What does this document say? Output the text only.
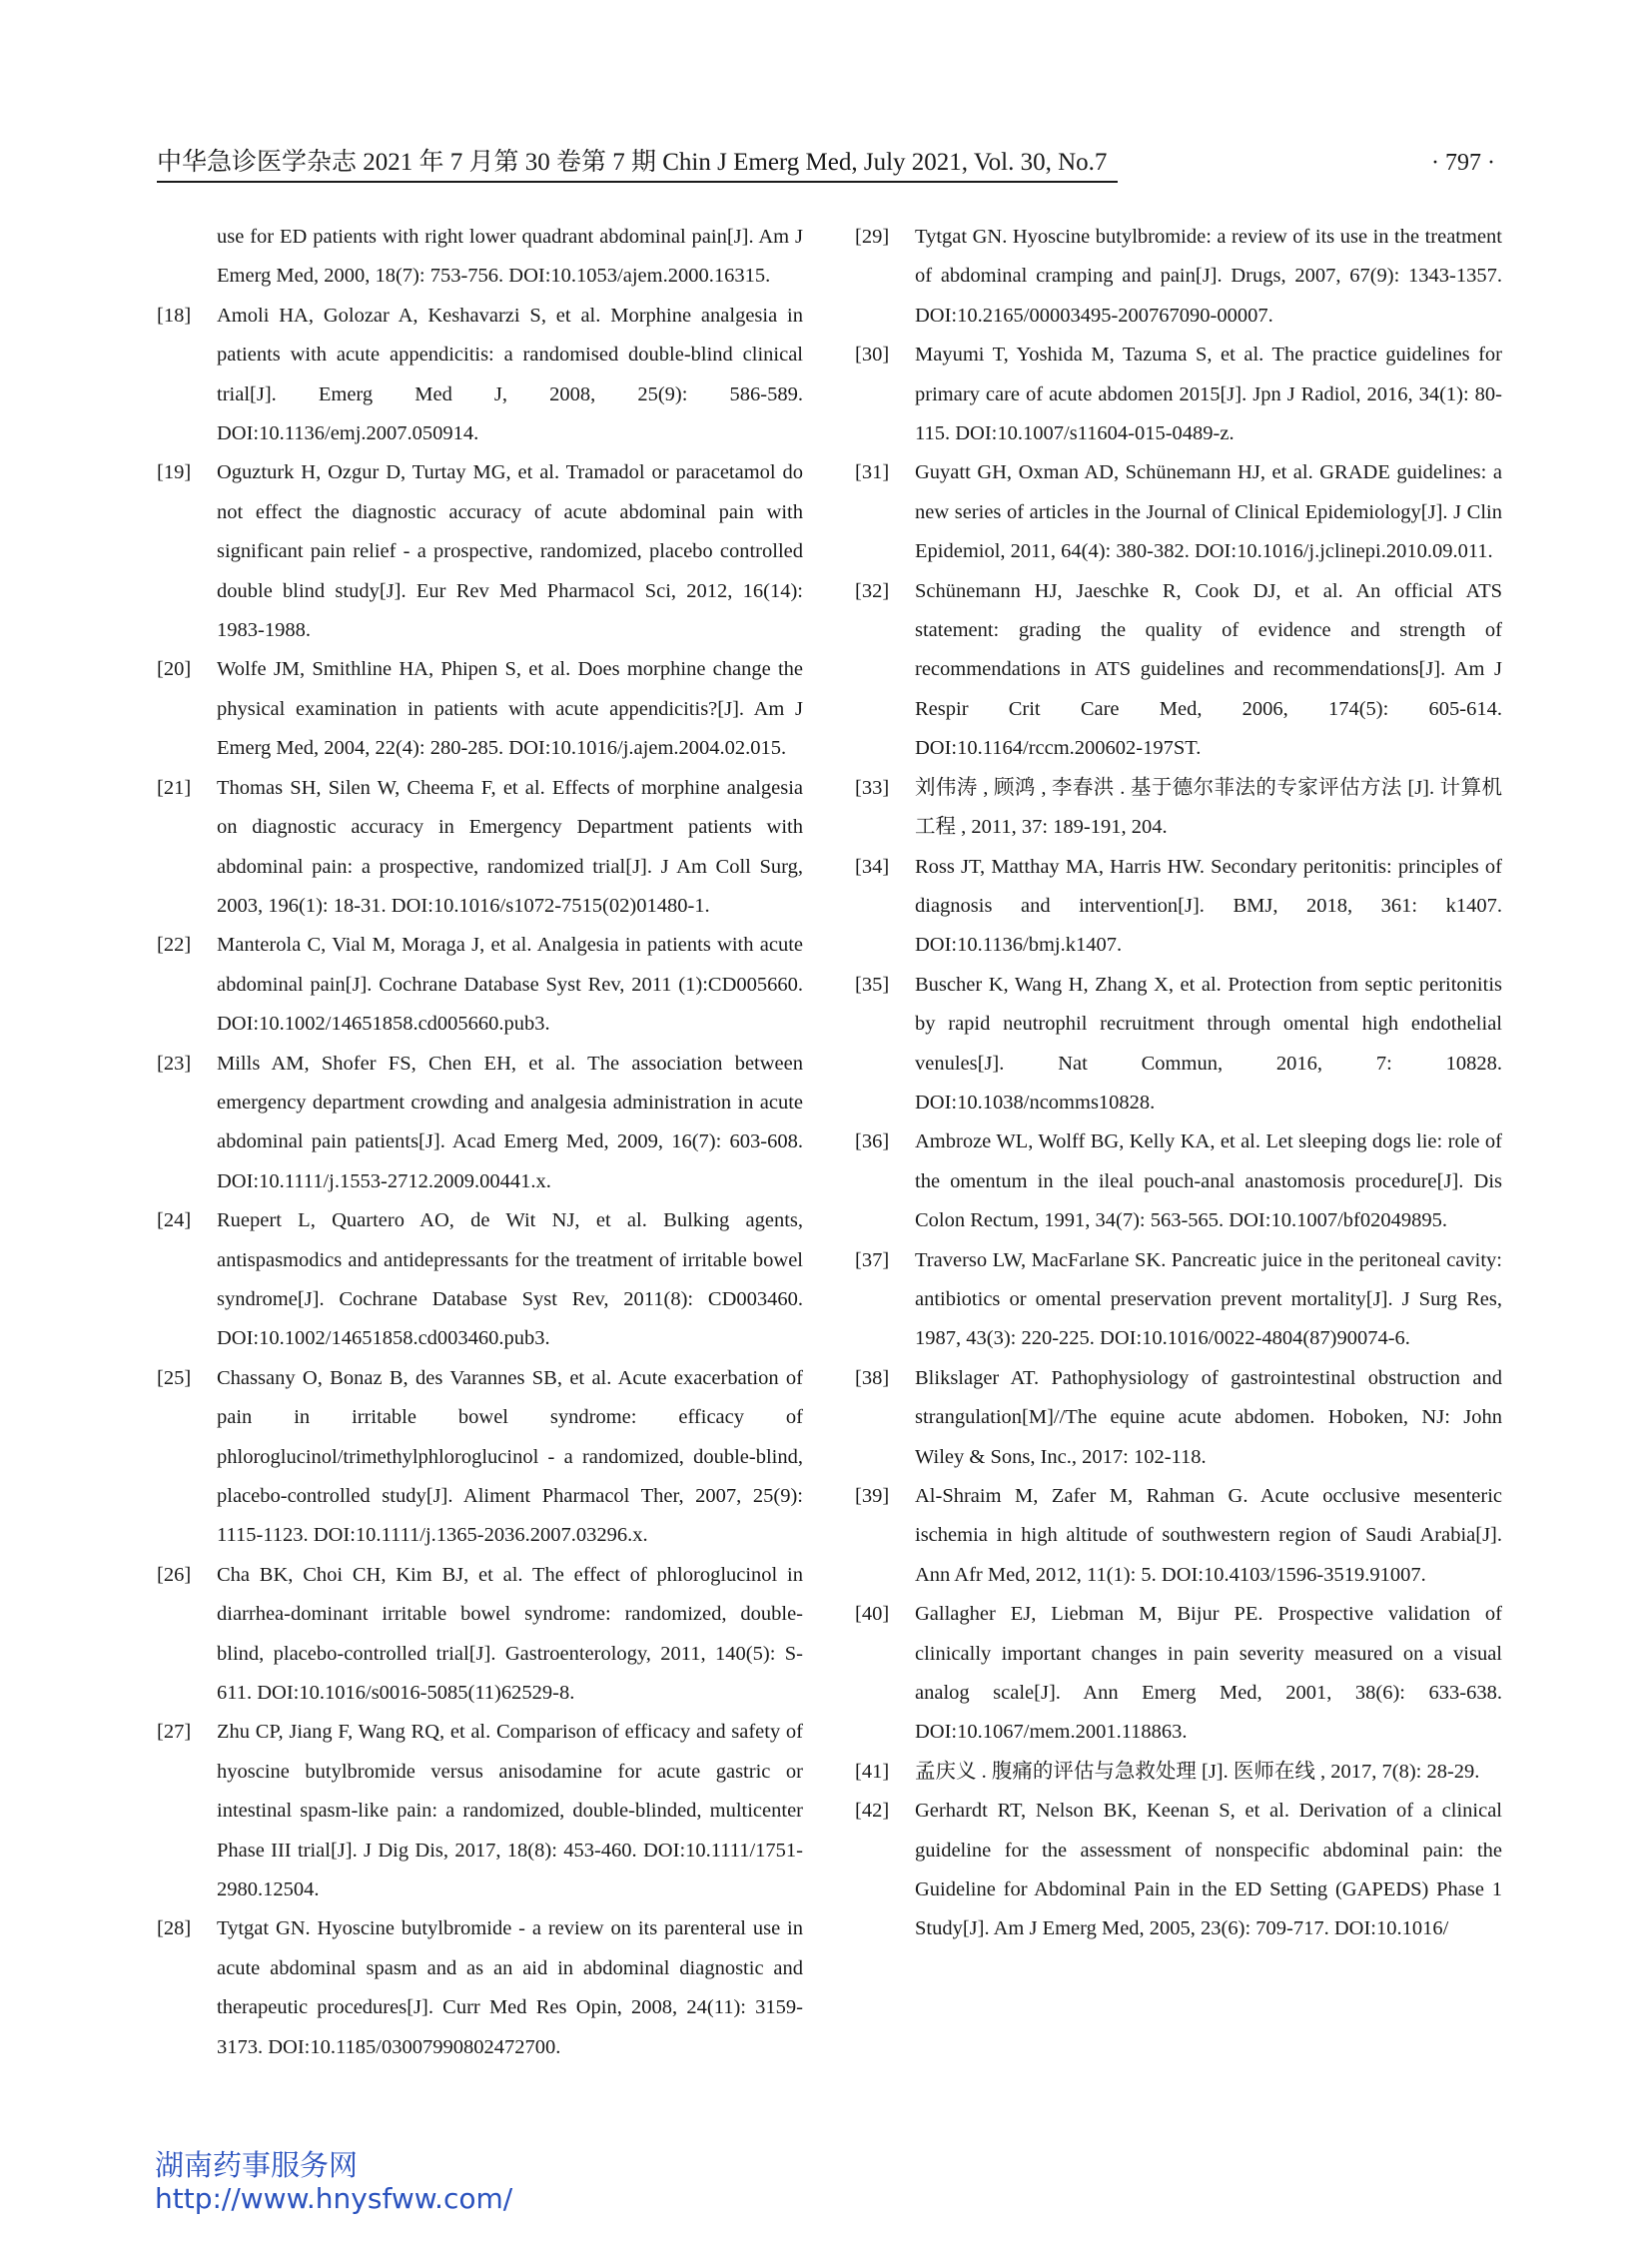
中华急诊医学杂志 2021 年 7 月第 30 卷第 7 期 Chin J Emerg Med, July 2021, Vol. 30, No.7	· 797 ·
use for ED patients with right lower quadrant abdominal pain[J]. Am J Emerg Med, 2000, 18(7): 753-756. DOI:10.1053/ajem.2000.16315.
[18] Amoli HA, Golozar A, Keshavarzi S, et al. Morphine analgesia in patients with acute appendicitis: a randomised double-blind clinical trial[J]. Emerg Med J, 2008, 25(9): 586-589. DOI:10.1136/emj.2007.050914.
[19] Oguzturk H, Ozgur D, Turtay MG, et al. Tramadol or paracetamol do not effect the diagnostic accuracy of acute abdominal pain with significant pain relief - a prospective, randomized, placebo controlled double blind study[J]. Eur Rev Med Pharmacol Sci, 2012, 16(14): 1983-1988.
[20] Wolfe JM, Smithline HA, Phipen S, et al. Does morphine change the physical examination in patients with acute appendicitis?[J]. Am J Emerg Med, 2004, 22(4): 280-285. DOI:10.1016/j.ajem.2004.02.015.
[21] Thomas SH, Silen W, Cheema F, et al. Effects of morphine analgesia on diagnostic accuracy in Emergency Department patients with abdominal pain: a prospective, randomized trial[J]. J Am Coll Surg, 2003, 196(1): 18-31. DOI:10.1016/s1072-7515(02)01480-1.
[22] Manterola C, Vial M, Moraga J, et al. Analgesia in patients with acute abdominal pain[J]. Cochrane Database Syst Rev, 2011 (1):CD005660. DOI:10.1002/14651858.cd005660.pub3.
[23] Mills AM, Shofer FS, Chen EH, et al. The association between emergency department crowding and analgesia administration in acute abdominal pain patients[J]. Acad Emerg Med, 2009, 16(7): 603-608. DOI:10.1111/j.1553-2712.2009.00441.x.
[24] Ruepert L, Quartero AO, de Wit NJ, et al. Bulking agents, antispasmodics and antidepressants for the treatment of irritable bowel syndrome[J]. Cochrane Database Syst Rev, 2011(8): CD003460. DOI:10.1002/14651858.cd003460.pub3.
[25] Chassany O, Bonaz B, des Varannes SB, et al. Acute exacerbation of pain in irritable bowel syndrome: efficacy of phloroglucinol/trimethylphloroglucinol - a randomized, double-blind, placebo-controlled study[J]. Aliment Pharmacol Ther, 2007, 25(9): 1115-1123. DOI:10.1111/j.1365-2036.2007.03296.x.
[26] Cha BK, Choi CH, Kim BJ, et al. The effect of phloroglucinol in diarrhea-dominant irritable bowel syndrome: randomized, double-blind, placebo-controlled trial[J]. Gastroenterology, 2011, 140(5): S-611. DOI:10.1016/s0016-5085(11)62529-8.
[27] Zhu CP, Jiang F, Wang RQ, et al. Comparison of efficacy and safety of hyoscine butylbromide versus anisodamine for acute gastric or intestinal spasm-like pain: a randomized, double-blinded, multicenter Phase III trial[J]. J Dig Dis, 2017, 18(8): 453-460. DOI:10.1111/1751-2980.12504.
[28] Tytgat GN. Hyoscine butylbromide - a review on its parenteral use in acute abdominal spasm and as an aid in abdominal diagnostic and therapeutic procedures[J]. Curr Med Res Opin, 2008, 24(11): 3159-3173. DOI:10.1185/03007990802472700.
[29] Tytgat GN. Hyoscine butylbromide: a review of its use in the treatment of abdominal cramping and pain[J]. Drugs, 2007, 67(9): 1343-1357. DOI:10.2165/00003495-200767090-00007.
[30] Mayumi T, Yoshida M, Tazuma S, et al. The practice guidelines for primary care of acute abdomen 2015[J]. Jpn J Radiol, 2016, 34(1): 80-115. DOI:10.1007/s11604-015-0489-z.
[31] Guyatt GH, Oxman AD, Schünemann HJ, et al. GRADE guidelines: a new series of articles in the Journal of Clinical Epidemiology[J]. J Clin Epidemiol, 2011, 64(4): 380-382. DOI:10.1016/j.jclinepi.2010.09.011.
[32] Schünemann HJ, Jaeschke R, Cook DJ, et al. An official ATS statement: grading the quality of evidence and strength of recommendations in ATS guidelines and recommendations[J]. Am J Respir Crit Care Med, 2006, 174(5): 605-614. DOI:10.1164/rccm.200602-197ST.
[33] 刘伟涛 , 顾鸿 , 李春洪 . 基于德尔菲法的专家评估方法 [J]. 计算机工程 , 2011, 37: 189-191, 204.
[34] Ross JT, Matthay MA, Harris HW. Secondary peritonitis: principles of diagnosis and intervention[J]. BMJ, 2018, 361: k1407. DOI:10.1136/bmj.k1407.
[35] Buscher K, Wang H, Zhang X, et al. Protection from septic peritonitis by rapid neutrophil recruitment through omental high endothelial venules[J]. Nat Commun, 2016, 7: 10828. DOI:10.1038/ncomms10828.
[36] Ambroze WL, Wolff BG, Kelly KA, et al. Let sleeping dogs lie: role of the omentum in the ileal pouch-anal anastomosis procedure[J]. Dis Colon Rectum, 1991, 34(7): 563-565. DOI:10.1007/bf02049895.
[37] Traverso LW, MacFarlane SK. Pancreatic juice in the peritoneal cavity: antibiotics or omental preservation prevent mortality[J]. J Surg Res, 1987, 43(3): 220-225. DOI:10.1016/0022-4804(87)90074-6.
[38] Blikslager AT. Pathophysiology of gastrointestinal obstruction and strangulation[M]//The equine acute abdomen. Hoboken, NJ: John Wiley & Sons, Inc., 2017: 102-118.
[39] Al-Shraim M, Zafer M, Rahman G. Acute occlusive mesenteric ischemia in high altitude of southwestern region of Saudi Arabia[J]. Ann Afr Med, 2012, 11(1): 5. DOI:10.4103/1596-3519.91007.
[40] Gallagher EJ, Liebman M, Bijur PE. Prospective validation of clinically important changes in pain severity measured on a visual analog scale[J]. Ann Emerg Med, 2001, 38(6): 633-638. DOI:10.1067/mem.2001.118863.
[41] 孟庆义 . 腹痛的评估与急救处理 [J]. 医师在线 , 2017, 7(8): 28-29.
[42] Gerhardt RT, Nelson BK, Keenan S, et al. Derivation of a clinical guideline for the assessment of nonspecific abdominal pain: the Guideline for Abdominal Pain in the ED Setting (GAPEDS) Phase 1 Study[J]. Am J Emerg Med, 2005, 23(6): 709-717. DOI:10.1016/
湖南药事服务网
http://www.hnysfww.com/
